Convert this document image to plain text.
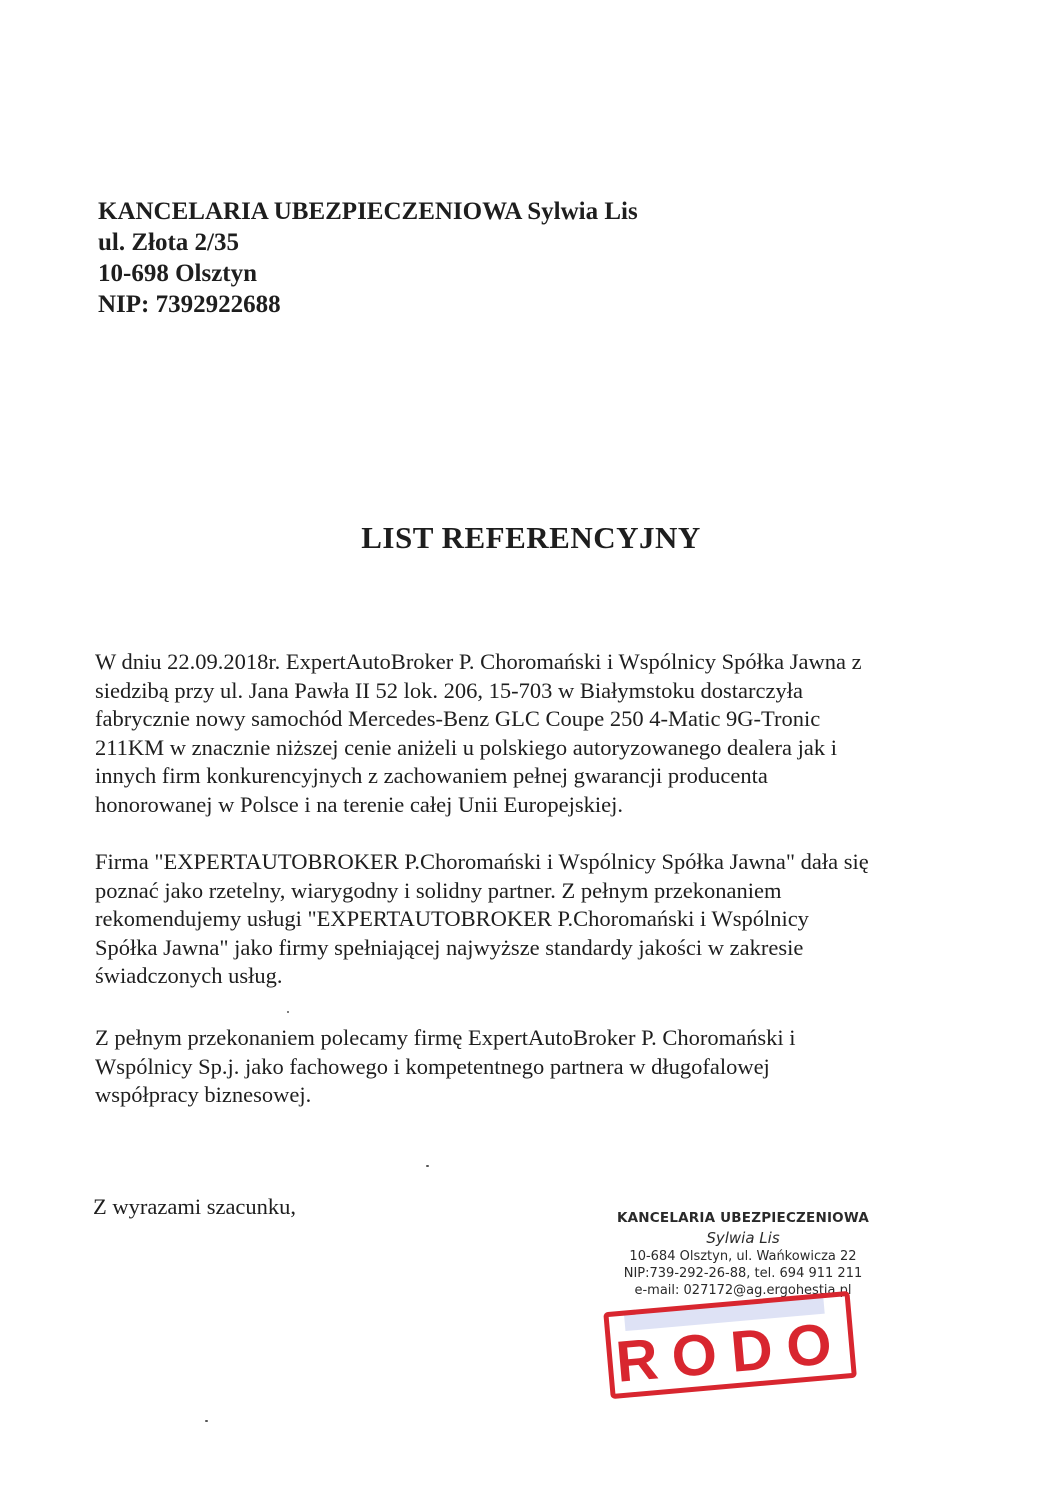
KANCELARIA UBEZPIECZENIOWA Sylwia Lis
ul. Złota 2/35
10-698 Olsztyn
NIP: 7392922688
LIST REFERENCYJNY
W dniu 22.09.2018r. ExpertAutoBroker P. Choromański i Wspólnicy Spółka Jawna z
siedzibą przy ul. Jana Pawła II 52 lok. 206, 15-703 w Białymstoku dostarczyła
fabrycznie nowy samochód Mercedes-Benz GLC Coupe 250 4-Matic 9G-Tronic
211KM w znacznie niższej cenie aniżeli u polskiego autoryzowanego dealera jak i
innych firm konkurencyjnych z zachowaniem pełnej gwarancji producenta
honorowanej w Polsce i na terenie całej Unii Europejskiej.
Firma "EXPERTAUTOBROKER P.Choromański i Wspólnicy Spółka Jawna" dała się
poznać jako rzetelny, wiarygodny i solidny partner. Z pełnym przekonaniem
rekomendujemy usługi "EXPERTAUTOBROKER P.Choromański i Wspólnicy
Spółka Jawna" jako firmy spełniającej najwyższe standardy jakości w zakresie
świadczonych usług.
Z pełnym przekonaniem polecamy firmę ExpertAutoBroker P. Choromański i
Wspólnicy Sp.j. jako fachowego i kompetentnego partnera w długofalowej
współpracy biznesowej.
Z wyrazami szacunku,	KANCELARIA UBEZPIECZENIOWA
Sylwia Lis
10-684 Olsztyn, ul. Wańkowicza 22
NIP:739-292-26-88, tel. 694 911 211
e-mail: 027172@ag.ergohestia.pl
RODO
